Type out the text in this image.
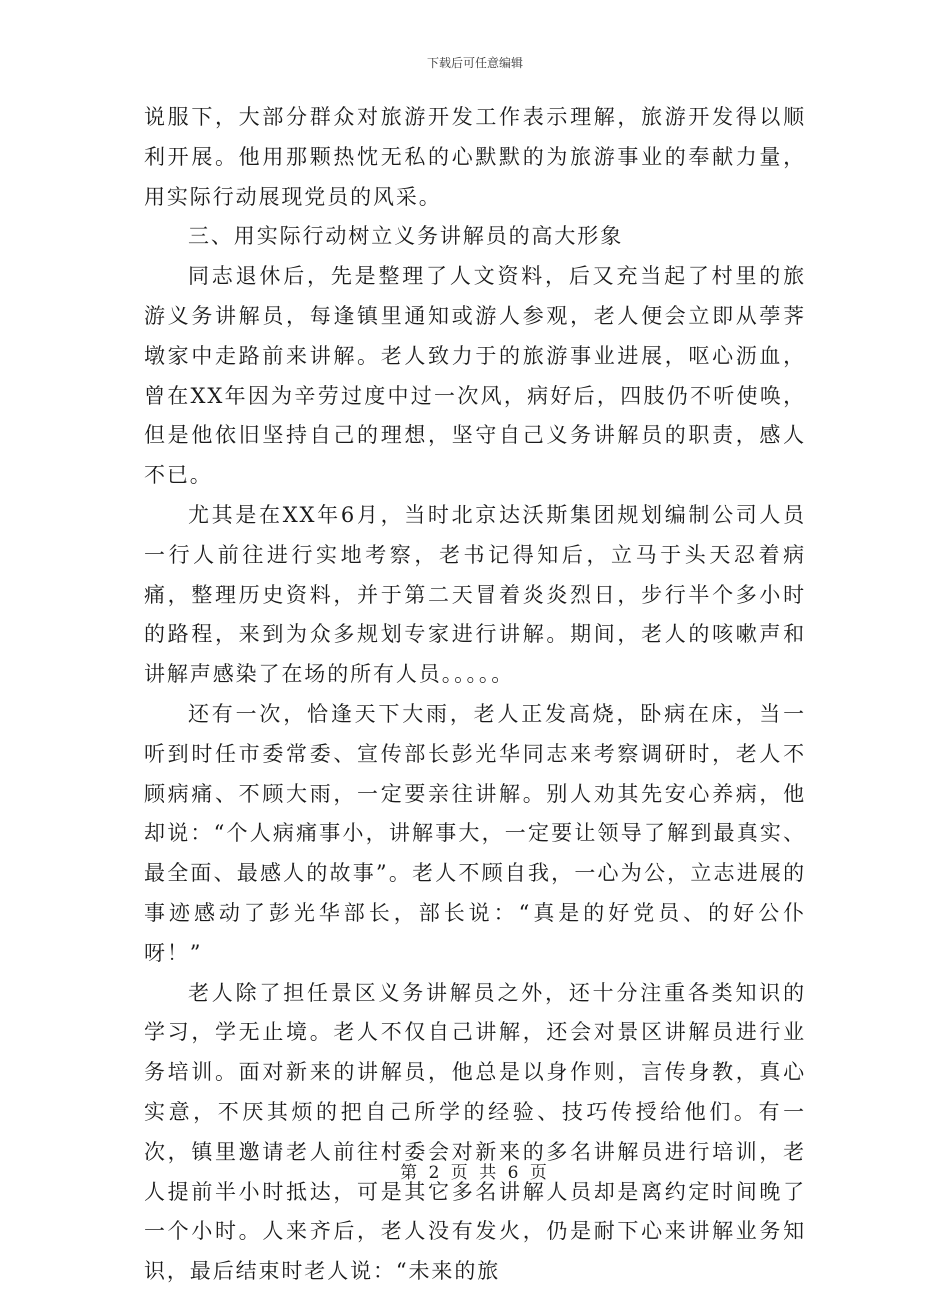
下载后可任意编辑

说服下，大部分群众对旅游开发工作表示理解，旅游开发得以顺利开展。他用那颗热忱无私的心默默的为旅游事业的奉献力量，用实际行动展现党员的风采。

三、用实际行动树立义务讲解员的高大形象

同志退休后，先是整理了人文资料，后又充当起了村里的旅游义务讲解员，每逢镇里通知或游人参观，老人便会立即从荸荠墩家中走路前来讲解。老人致力于的旅游事业进展，呕心沥血，曾在XX年因为辛劳过度中过一次风，病好后，四肢仍不听使唤，但是他依旧坚持自己的理想，坚守自己义务讲解员的职责，感人不已。

尤其是在XX年6月，当时北京达沃斯集团规划编制公司人员一行人前往进行实地考察，老书记得知后，立马于头天忍着病痛，整理历史资料，并于第二天冒着炎炎烈日，步行半个多小时的路程，来到为众多规划专家进行讲解。期间，老人的咳嗽声和讲解声感染了在场的所有人员。。。。。

还有一次，恰逢天下大雨，老人正发高烧，卧病在床，当一听到时任市委常委、宣传部长彭光华同志来考察调研时，老人不顾病痛、不顾大雨，一定要亲往讲解。别人劝其先安心养病，他却说：“个人病痛事小，讲解事大，一定要让领导了解到最真实、最全面、最感人的故事”。老人不顾自我，一心为公，立志进展的事迹感动了彭光华部长，部长说：“真是的好党员、的好公仆呀！”

老人除了担任景区义务讲解员之外，还十分注重各类知识的学习，学无止境。老人不仅自己讲解，还会对景区讲解员进行业务培训。面对新来的讲解员，他总是以身作则，言传身教，真心实意，不厌其烦的把自己所学的经验、技巧传授给他们。有一次，镇里邀请老人前往村委会对新来的多名讲解员进行培训，老人提前半小时抵达，可是其它多名讲解人员却是离约定时间晚了一个小时。人来齐后，老人没有发火，仍是耐下心来讲解业务知识，最后结束时老人说：“未来的旅

第 2 页 共 6 页
